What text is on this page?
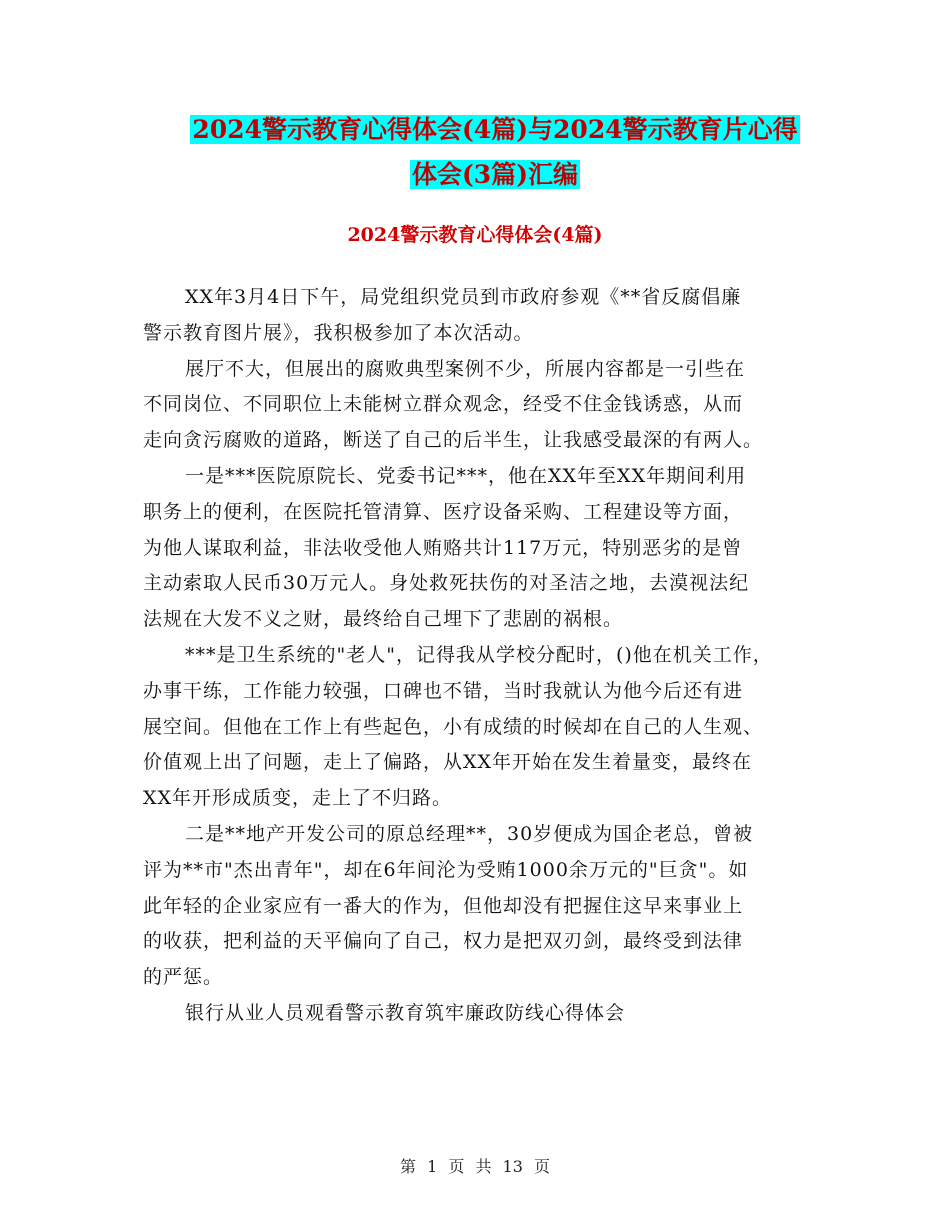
2024警示教育心得体会(4篇)与2024警示教育片心得
体会(3篇)汇编
2024警示教育心得体会(4篇)
XX年3月4日下午，局党组织党员到市政府参观《**省反腐倡廉
警示教育图片展》，我积极参加了本次活动。
展厅不大，但展出的腐败典型案例不少，所展内容都是一引些在
不同岗位、不同职位上未能树立群众观念，经受不住金钱诱惑，从而
走向贪污腐败的道路，断送了自己的后半生，让我感受最深的有两人。
一是***医院原院长、党委书记***，他在XX年至XX年期间利用
职务上的便利，在医院托管清算、医疗设备采购、工程建设等方面，
为他人谋取利益，非法收受他人贿赂共计117万元，特别恶劣的是曾
主动索取人民币30万元人。身处救死扶伤的对圣洁之地，去漠视法纪
法规在大发不义之财，最终给自己埋下了悲剧的祸根。
***是卫生系统的"老人"，记得我从学校分配时，()他在机关工作，
办事干练，工作能力较强，口碑也不错，当时我就认为他今后还有进
展空间。但他在工作上有些起色，小有成绩的时候却在自己的人生观、
价值观上出了问题，走上了偏路，从XX年开始在发生着量变，最终在
XX年开形成质变，走上了不归路。
二是**地产开发公司的原总经理**，30岁便成为国企老总，曾被
评为**市"杰出青年"，却在6年间沦为受贿1000余万元的"巨贪"。如
此年轻的企业家应有一番大的作为，但他却没有把握住这早来事业上
的收获，把利益的天平偏向了自己，权力是把双刃剑，最终受到法律
的严惩。
银行从业人员观看警示教育筑牢廉政防线心得体会
第 1 页 共 13 页
